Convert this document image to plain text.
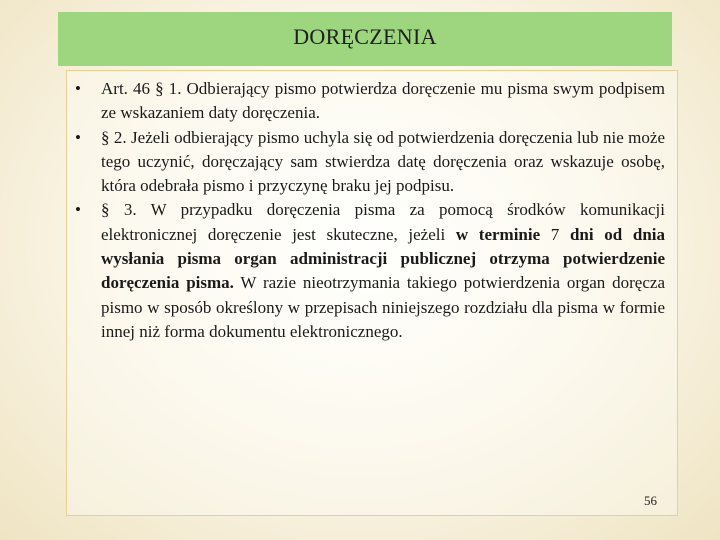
DORĘCZENIA
• Art. 46 § 1. Odbierający pismo potwierdza doręczenie mu pisma swym podpisem ze wskazaniem daty doręczenia.
• § 2. Jeżeli odbierający pismo uchyla się od potwierdzenia doręczenia lub nie może tego uczynić, doręczający sam stwierdza datę doręczenia oraz wskazuje osobę, która odebrała pismo i przyczynę braku jej podpisu.
• § 3. W przypadku doręczenia pisma za pomocą środków komunikacji elektronicznej doręczenie jest skuteczne, jeżeli w terminie 7 dni od dnia wysłania pisma organ administracji publicznej otrzyma potwierdzenie doręczenia pisma. W razie nieotrzymania takiego potwierdzenia organ doręcza pismo w sposób określony w przepisach niniejszego rozdziału dla pisma w formie innej niż forma dokumentu elektronicznego.
56
